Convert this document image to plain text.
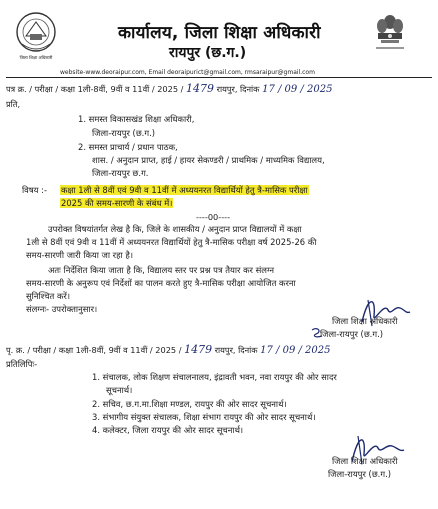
जिला शिक्षा अधिकारी
कार्यालय, जिला शिक्षा अधिकारी
रायपुर (छ.ग.)
website-www.deoraipur.com, Email deoraipurict@gmail.com, rmsaraipur@gmail.com
पत्र क्र. / परीक्षा / कक्षा 1ली-8वीं, 9वीं व 11वीं / 2025 / 1479 रायपुर, दिनांक 17 / 09 / 2025
प्रति,
1. समस्त विकासखंड शिक्षा अधिकारी,
जिला-रायपुर (छ.ग.)
2. समस्त प्राचार्य / प्रधान पाठक,
शास. / अनुदान प्राप्त, हाई / हायर सेकण्डरी / प्राथमिक / माध्यमिक विद्यालय,
जिला-रायपुर छ.ग.
विषय :- कक्षा 1ली से 8वीं एवं 9वी व 11वीं में अध्ययनरत विद्यार्थियों हेतु त्रै-मासिक परीक्षा
2025 की समय-सारणी के संबंध में।
----00----
उपरोक्त विषयांतर्गत लेख है कि, जिले के शासकीय / अनुदान प्राप्त विद्यालयों में कक्षा
1ली से 8वीं एवं 9वी व 11वीं में अध्ययनरत विद्यार्थियों हेतु त्रै-मासिक परीक्षा वर्ष 2025-26 की
समय-सारणी जारी किया जा रहा है।
अतः निर्देशित किया जाता है कि, विद्यालय स्तर पर प्रश्न पत्र तैयार कर संलग्न
समय-सारणी के अनुरूप एवं निर्देशों का पालन करते हुए त्रै-मासिक परीक्षा आयोजित करना
सुनिश्चित करें।
संलग्नः- उपरोक्तानुसार।
जिला शिक्षा अधिकारी
जिला-रायपुर (छ.ग.)
पृ. क्र. / परीक्षा / कक्षा 1ली-8वीं, 9वीं व 11वीं / 2025 / 1479 रायपुर, दिनांक 17 / 09 / 2025
प्रतिलिपिः-
1. संचालक, लोक शिक्षण संचालनालय, इंद्रावती भवन, नवा रायपुर की ओर सादर
सूचनार्थ।
2. सचिव, छ.ग.मा.शिक्षा मण्डल, रायपुर की ओर सादर सूचनार्थ।
3. संभागीय संयुक्त संचालक, शिक्षा संभाग रायपुर की ओर सादर सूचनार्थ।
4. कलेक्टर, जिला रायपुर की ओर सादर सूचनार्थ।
जिला शिक्षा अधिकारी
जिला-रायपुर (छ.ग.)
